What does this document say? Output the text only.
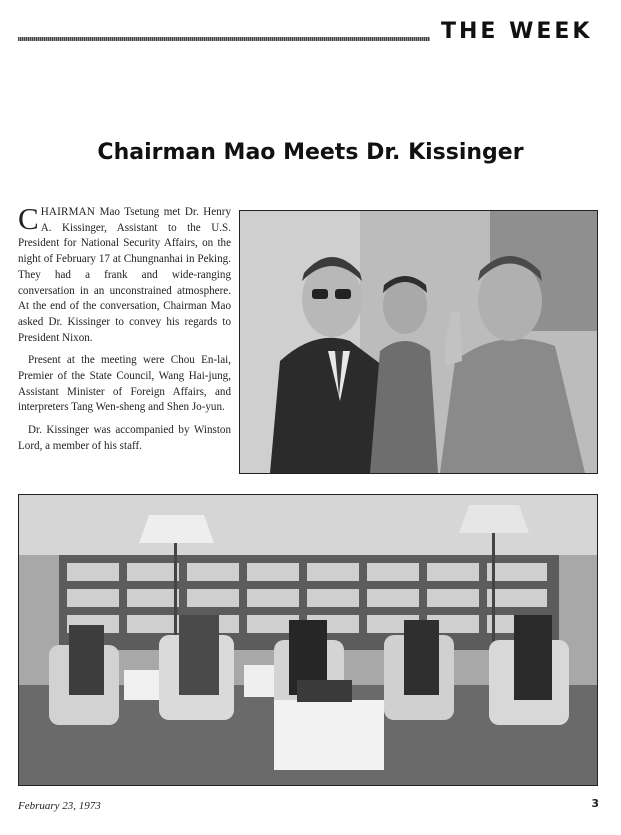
THE WEEK
Chairman Mao Meets Dr. Kissinger

CHAIRMAN Mao Tsetung met Dr. Henry A. Kissinger, Assistant to the U.S. President for National Security Affairs, on the night of February 17 at Chungnanhai in Peking. They had a frank and wide-ranging conversation in an unconstrained atmosphere. At the end of the conversation, Chairman Mao asked Dr. Kissinger to convey his regards to President Nixon.

Present at the meeting were Chou En-lai, Premier of the State Council, Wang Hai-jung, Assistant Minister of Foreign Affairs, and interpreters Tang Wen-sheng and Shen Jo-yun.

Dr. Kissinger was accompanied by Winston Lord, a member of his staff.

February 23, 1973	3
